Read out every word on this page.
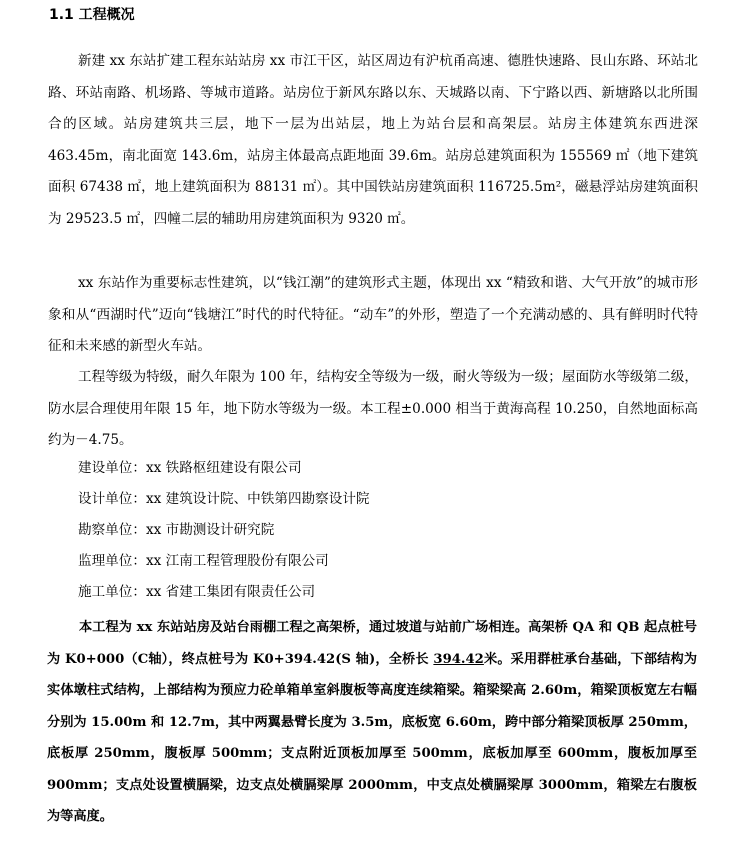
1.1 工程概况

新建 xx 东站扩建工程东站站房 xx 市江干区，站区周边有沪杭甬高速、德胜快速路、艮山东路、环站北路、环站南路、机场路、等城市道路。站房位于新风东路以东、天城路以南、下宁路以西、新塘路以北所围合的区域。站房建筑共三层，地下一层为出站层，地上为站台层和高架层。站房主体建筑东西进深 463.45m，南北面宽 143.6m，站房主体最高点距地面 39.6m。站房总建筑面积为 155569 ㎡（地下建筑面积 67438 ㎡，地上建筑面积为 88131 ㎡）。其中国铁站房建筑面积 116725.5m²，磁悬浮站房建筑面积为 29523.5 ㎡，四幢二层的辅助用房建筑面积为 9320 ㎡。

xx 东站作为重要标志性建筑，以“钱江潮”的建筑形式主题，体现出 xx “精致和谐、大气开放”的城市形象和从“西湖时代”迈向“钱塘江”时代的时代特征。“动车”的外形，塑造了一个充满动感的、具有鲜明时代特征和未来感的新型火车站。

工程等级为特级，耐久年限为 100 年，结构安全等级为一级，耐火等级为一级；屋面防水等级第二级，防水层合理使用年限 15 年，地下防水等级为一级。本工程±0.000 相当于黄海高程 10.250，自然地面标高约为－4.75。

建设单位：xx 铁路枢纽建设有限公司
设计单位：xx 建筑设计院、中铁第四勘察设计院
勘察单位：xx 市勘测设计研究院
监理单位：xx 江南工程管理股份有限公司
施工单位：xx 省建工集团有限责任公司

本工程为 xx 东站站房及站台雨棚工程之高架桥，通过坡道与站前广场相连。高架桥 QA 和 QB 起点桩号为 K0+000（C轴），终点桩号为 K0+394.42(S 轴)，全桥长 394.42米。采用群桩承台基础，下部结构为实体墩柱式结构，上部结构为预应力砼单箱单室斜腹板等高度连续箱梁。箱梁梁高 2.60m，箱梁顶板宽左右幅分别为 15.00m 和 12.7m，其中两翼悬臂长度为 3.5m，底板宽 6.60m，跨中部分箱梁顶板厚 250mm，底板厚 250mm，腹板厚 500mm；支点附近顶板加厚至 500mm，底板加厚至 600mm，腹板加厚至 900mm；支点处设置横膈梁，边支点处横膈梁厚 2000mm，中支点处横膈梁厚 3000mm，箱梁左右腹板为等高度。
